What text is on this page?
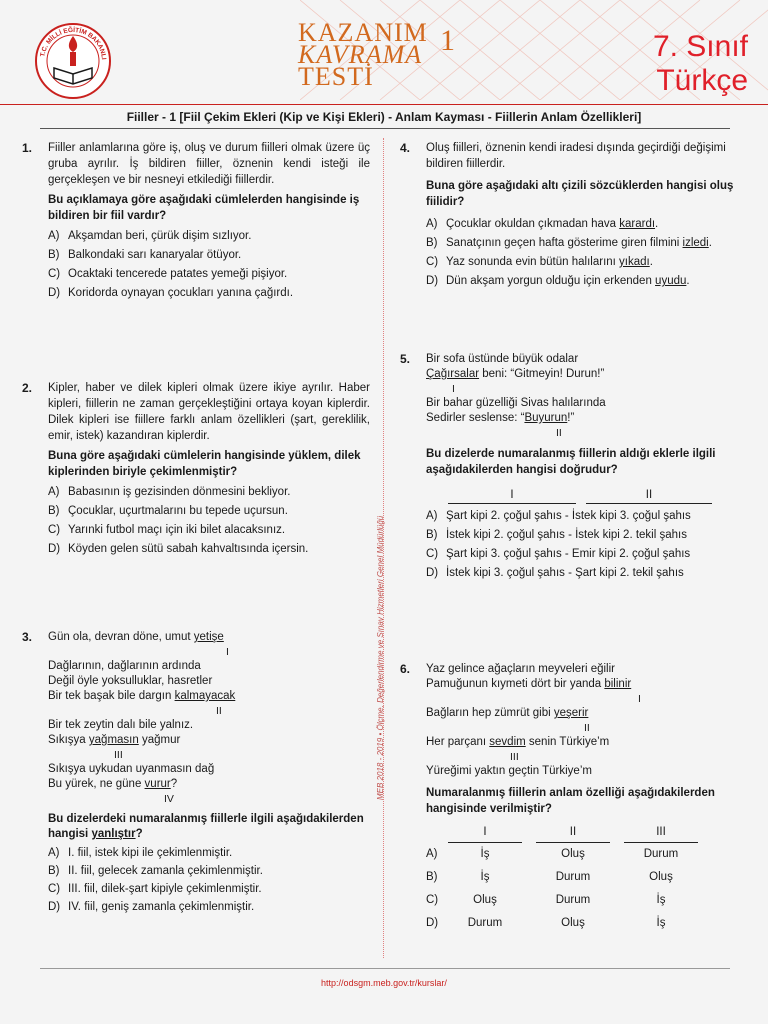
T.C. MİLLİ EĞİTİM BAKANLI
KAZANIM
KAVRAMA
TESTİ
1	7. Sınıf
Türkçe
Fiiller - 1 [Fiil Çekim Ekleri (Kip ve Kişi Ekleri) - Anlam Kayması - Fiillerin Anlam Özellikleri]
MEB 2018 - 2019 • Ölçme, Değerlendirme ve Sınav Hizmetleri Genel Müdürlüğü
1. Fiiller anlamlarına göre iş, oluş ve durum fiilleri olmak üzere üç gruba ayrılır. İş bildiren fiiller, öznenin kendi isteği ile gerçekleşen ve bir nesneyi etkilediği fiillerdir.

Bu açıklamaya göre aşağıdaki cümlelerden hangisinde iş bildiren bir fiil vardır?

A) Akşamdan beri, çürük dişim sızlıyor.
B) Balkondaki sarı kanaryalar ötüyor.
C) Ocaktaki tencerede patates yemeği pişiyor.
D) Koridorda oynayan çocukları yanına çağırdı.
2. Kipler, haber ve dilek kipleri olmak üzere ikiye ayrılır. Haber kipleri, fiillerin ne zaman gerçekleştiğini ortaya koyan kiplerdir. Dilek kipleri ise fiillere farklı anlam özellikleri (şart, gereklilik, emir, istek) kazandıran kiplerdir.

Buna göre aşağıdaki cümlelerin hangisinde yüklem, dilek kiplerinden biriyle çekimlenmiştir?

A) Babasının iş gezisinden dönmesini bekliyor.
B) Çocuklar, uçurtmalarını bu tepede uçursun.
C) Yarınki futbol maçı için iki bilet alacaksınız.
D) Köyden gelen sütü sabah kahvaltısında içersin.
3. Gün ola, devran döne, umut yetişe

I

Dağlarının, dağlarının ardında

Değil öyle yoksulluklar, hasretler

Bir tek başak bile dargın kalmayacak

II

Bir tek zeytin dalı bile yalnız.

Sıkışya yağmasın yağmur

III

Sıkışya uykudan uyanmasın dağ

Bu yürek, ne güne vurur?

IV

Bu dizelerdeki numaralanmış fiillerle ilgili aşağıdakilerden hangisi yanlıştır?

A) I. fiil, istek kipi ile çekimlenmiştir.
B) II. fiil, gelecek zamanla çekimlenmiştir.
C) III. fiil, dilek-şart kipiyle çekimlenmiştir.
D) IV. fiil, geniş zamanla çekimlenmiştir.
4. Oluş fiilleri, öznenin kendi iradesi dışında geçirdiği değişimi bildiren fiillerdir.

Buna göre aşağıdaki altı çizili sözcüklerden hangisi oluş fiilidir?

A) Çocuklar okuldan çıkmadan hava karardı.
B) Sanatçının geçen hafta gösterime giren filmini izledi.
C) Yaz sonunda evin bütün halılarını yıkadı.
D) Dün akşam yorgun olduğu için erkenden uyudu.
5. Bir sofa üstünde büyük odalar

Çağırsalar beni: “Gitmeyin! Durun!”

I

Bir bahar güzelliği Sivas halılarında

Sedirler seslense: “Buyurun!”

II

Bu dizelerde numaralanmış fiillerin aldığı eklerle ilgili aşağıdakilerden hangisi doğrudur?

I	II
A) Şart kipi 2. çoğul şahıs - İstek kipi 3. çoğul şahıs
B) İstek kipi 2. çoğul şahıs - İstek kipi 2. tekil şahıs
C) Şart kipi 3. çoğul şahıs - Emir kipi 2. çoğul şahıs
D) İstek kipi 3. çoğul şahıs - Şart kipi 2. tekil şahıs
6. Yaz gelince ağaçların meyveleri eğilir

Pamuğunun kıymeti dört bir yanda bilinir

I

Bağların hep zümrüt gibi yeşerir

II

Her parçanı sevdim senin Türkiye’m

III

Yüreğimi yaktın geçtin Türkiye’m

Numaralanmış fiillerin anlam özelliği aşağıdakilerden hangisinde verilmiştir?

	I		II		III
A)	İş		Oluş		Durum
B)	İş		Durum		Oluş
C)	Oluş		Durum		İş
D)	Durum		Oluş		İş
http://odsgm.meb.gov.tr/kurslar/
